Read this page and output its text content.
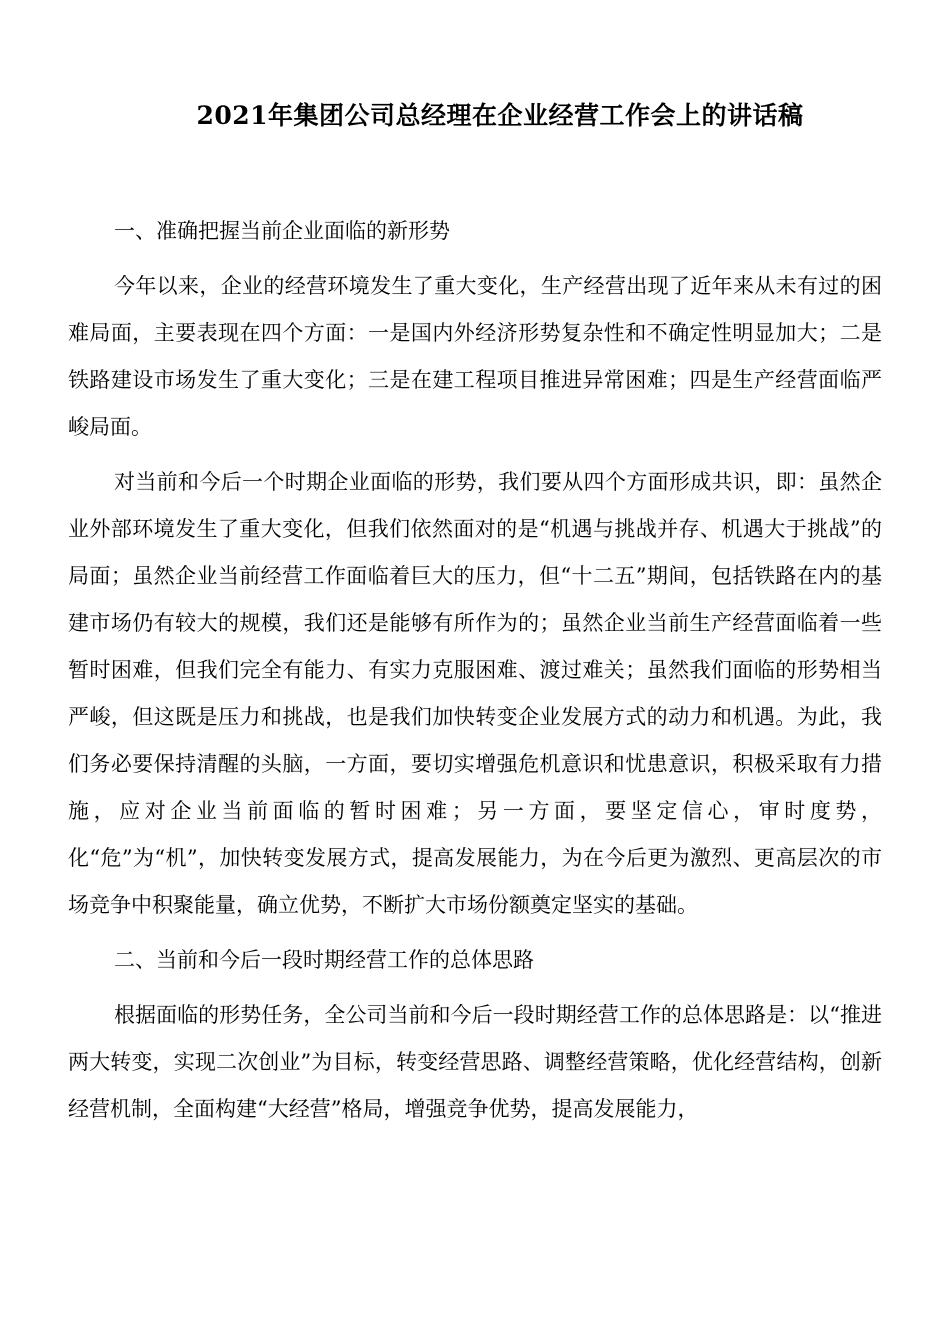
2021年集团公司总经理在企业经营工作会上的讲话稿
一、准确把握当前企业面临的新形势

今年以来，企业的经营环境发生了重大变化，生产经营出现了近年来从未有过的困难局面，主要表现在四个方面：一是国内外经济形势复杂性和不确定性明显加大；二是铁路建设市场发生了重大变化；三是在建工程项目推进异常困难；四是生产经营面临严峻局面。

对当前和今后一个时期企业面临的形势，我们要从四个方面形成共识，即：虽然企业外部环境发生了重大变化，但我们依然面对的是“机遇与挑战并存、机遇大于挑战”的局面；虽然企业当前经营工作面临着巨大的压力，但“十二五”期间，包括铁路在内的基建市场仍有较大的规模，我们还是能够有所作为的；虽然企业当前生产经营面临着一些暂时困难，但我们完全有能力、有实力克服困难、渡过难关；虽然我们面临的形势相当严峻，但这既是压力和挑战，也是我们加快转变企业发展方式的动力和机遇。为此，我们务必要保持清醒的头脑，一方面，要切实增强危机意识和忧患意识，积极采取有力措施，应对企业当前面临的暂时困难；另一方面，要坚定信心，审时度势，化“危”为“机”，加快转变发展方式，提高发展能力，为在今后更为激烈、更高层次的市场竞争中积聚能量，确立优势，不断扩大市场份额奠定坚实的基础。

二、当前和今后一段时期经营工作的总体思路

根据面临的形势任务，全公司当前和今后一段时期经营工作的总体思路是：以“推进两大转变，实现二次创业”为目标，转变经营思路、调整经营策略，优化经营结构，创新经营机制，全面构建“大经营”格局，增强竞争优势，提高发展能力，
